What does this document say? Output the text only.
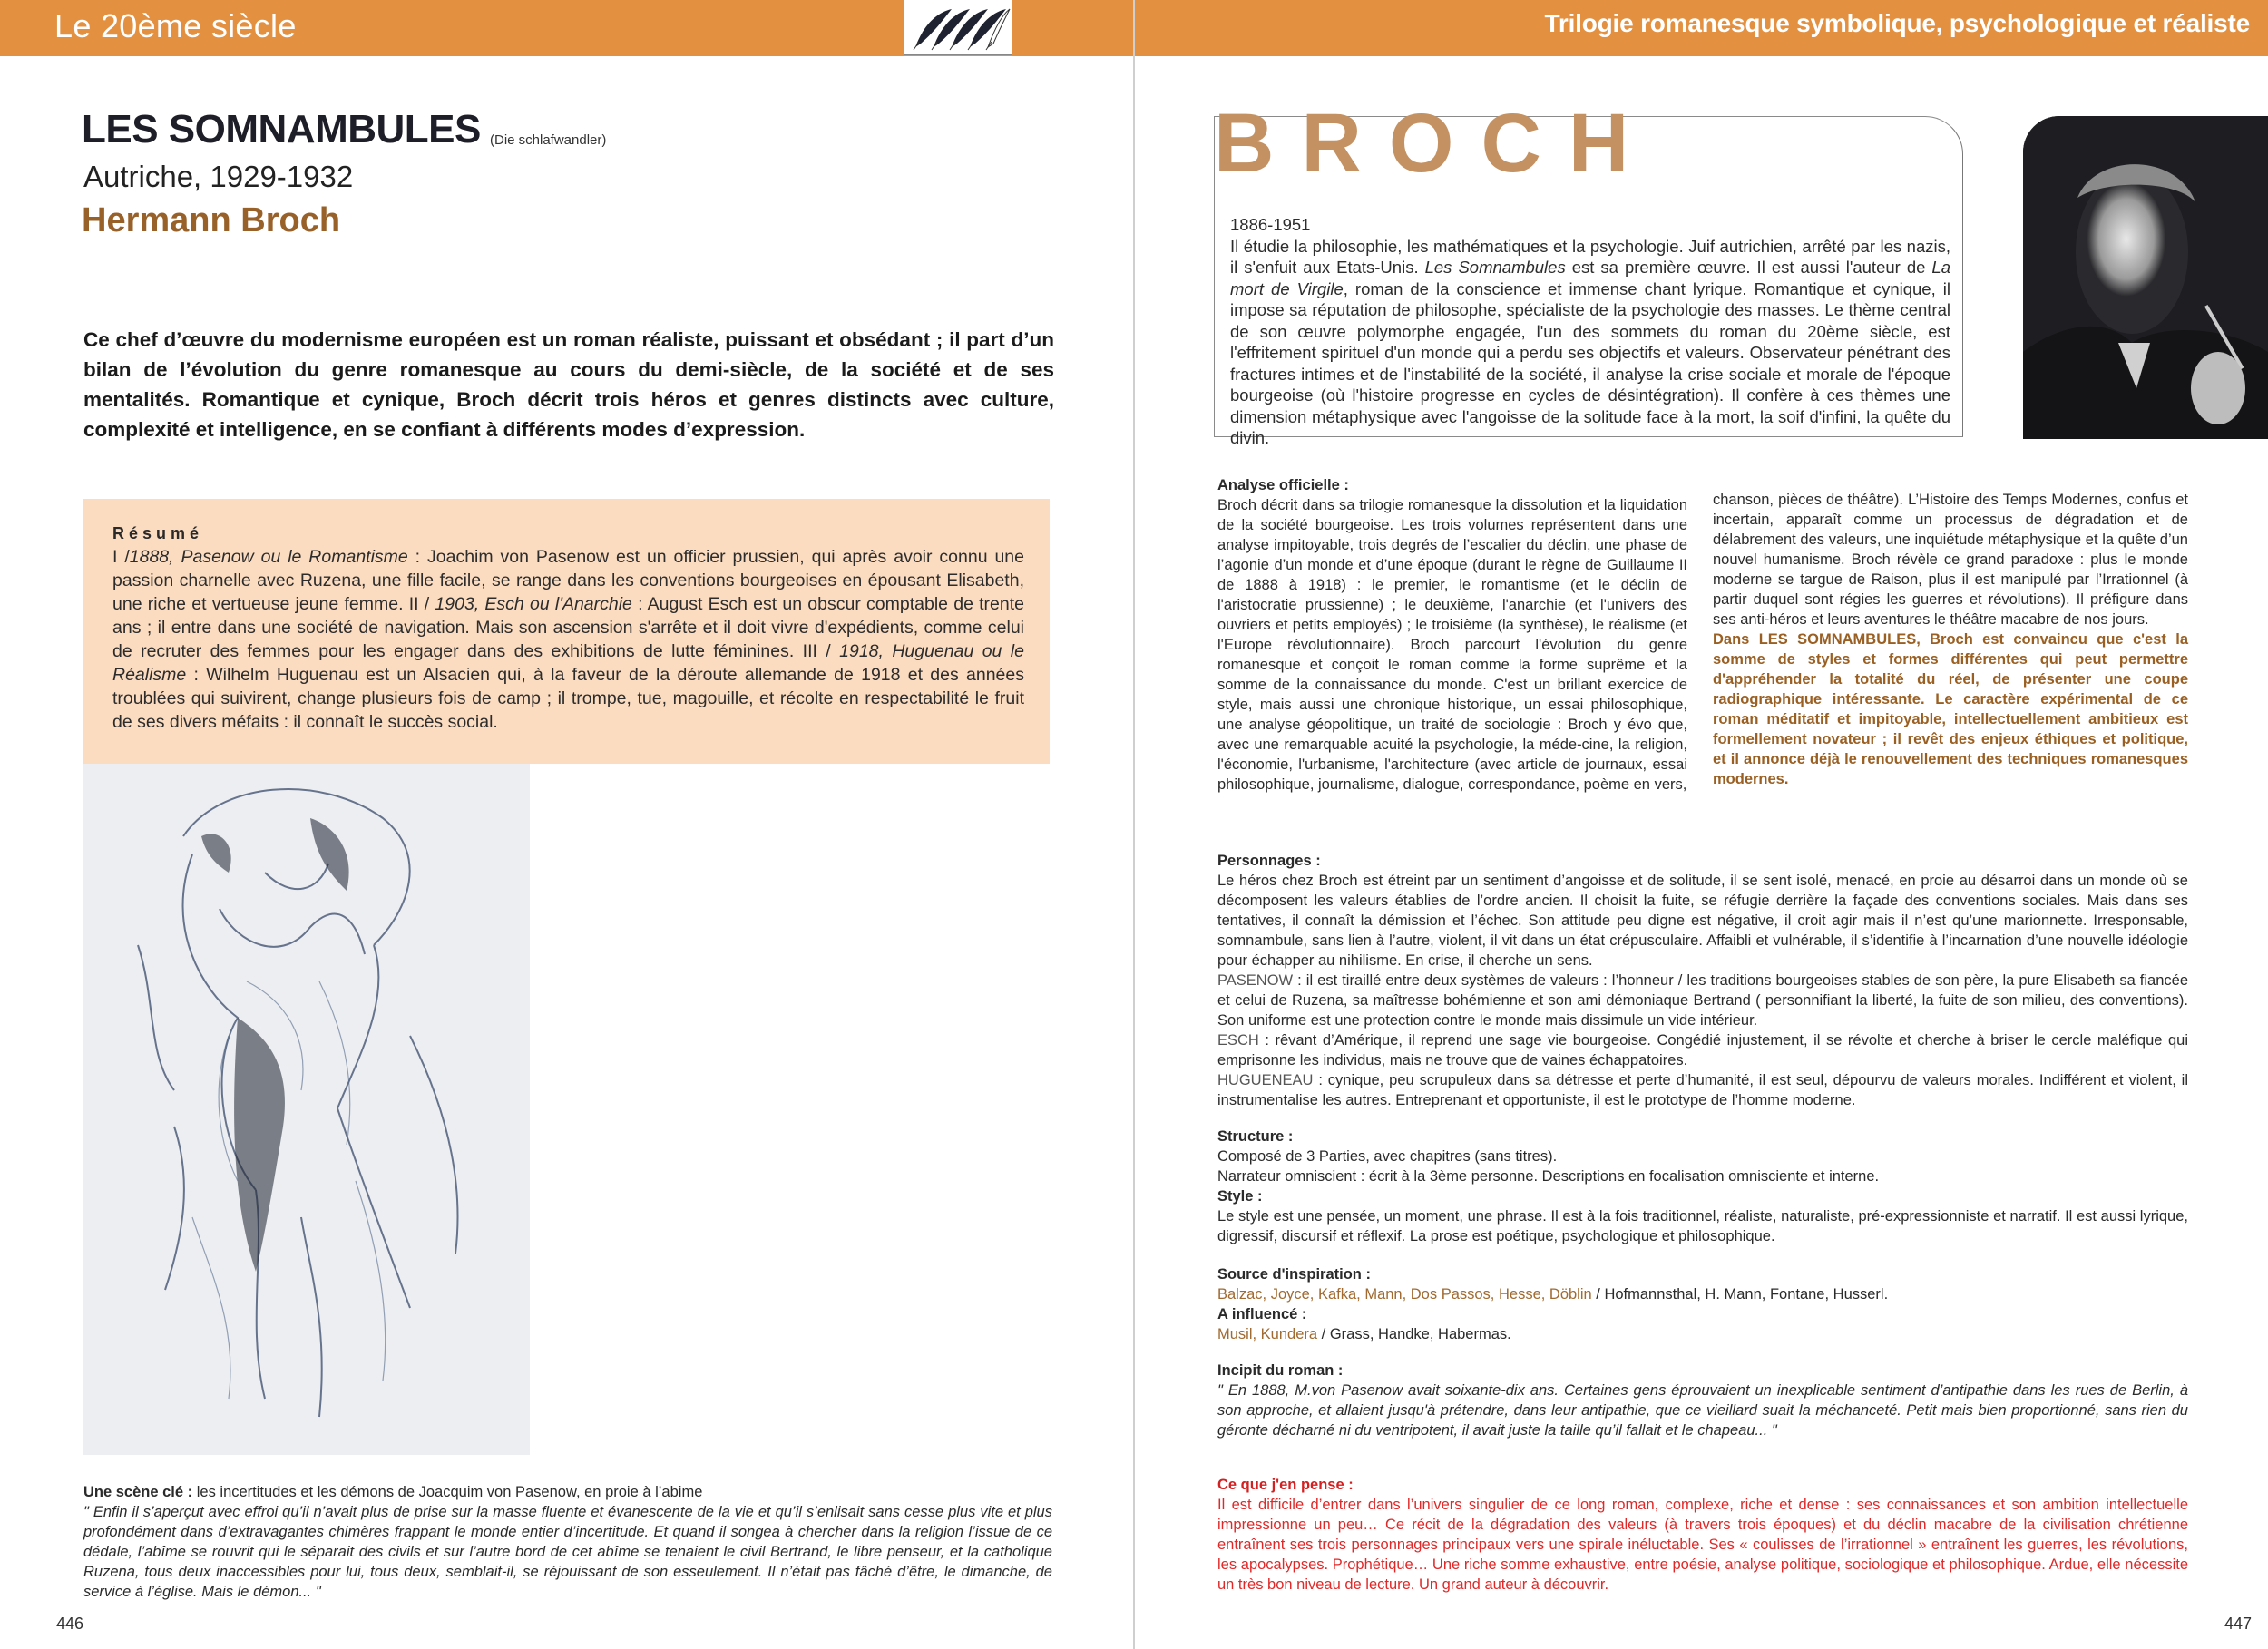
Le 20ème siècle	Trilogie romanesque symbolique, psychologique et réaliste
LES SOMNAMBULES (Die schlafwandler)
Autriche, 1929-1932
Hermann Broch
Ce chef d’œuvre du modernisme européen est un roman réaliste, puissant et obsédant ; il part d’un bilan de l’évolution du genre romanesque au cours du demi-siècle, de la société et de ses mentalités. Romantique et cynique, Broch décrit trois héros et genres distincts avec culture, complexité et intelligence, en se confiant à différents modes d’expression.
Résumé

I /1888, Pasenow ou le Romantisme : Joachim von Pasenow est un officier prussien, qui après avoir connu une passion charnelle avec Ruzena, une fille facile, se range dans les conventions bourgeoises en épousant Elisabeth, une riche et vertueuse jeune femme. II / 1903, Esch ou l'Anarchie : August Esch est un obscur comptable de trente ans ; il entre dans une société de navigation. Mais son ascension s'arrête et il doit vivre d'expédients, comme celui de recruter des femmes pour les engager dans des exhibitions de lutte féminines. III / 1918, Huguenau ou le Réalisme : Wilhelm Huguenau est un Alsacien qui, à la faveur de la déroute allemande de 1918 et des années troublées qui suivirent, change plusieurs fois de camp ; il trompe, tue, magouille, et récolte en respectabilité le fruit de ses divers méfaits : il connaît le succès social.

Une scène clé : les incertitudes et les démons de Joacquim von Pasenow, en proie à l’abime
" Enfin il s’aperçut avec effroi qu’il n’avait plus de prise sur la masse fluente et évanescente de la vie et qu’il s’enlisait sans cesse plus vite et plus profondément dans d’extravagantes chimères frappant le monde entier d’incertitude. Et quand il songea à chercher dans la religion l’issue de ce dédale, l’abîme se rouvrit qui le séparait des civils et sur l’autre bord de cet abîme se tenaient le civil Bertrand, le libre penseur, et la catholique Ruzena, tous deux inaccessibles pour lui, tous deux, semblait-il, se réjouissant de son esseulement. Il n’était pas fâché d’être, le dimanche, de service à l’église. Mais le démon... "
446
BROCH
1886-1951
Il étudie la philosophie, les mathématiques et la psychologie. Juif autrichien, arrêté par les nazis, il s'enfuit aux Etats-Unis. Les Somnambules est sa première œuvre. Il est aussi l'auteur de La mort de Virgile, roman de la conscience et immense chant lyrique. Romantique et cynique, il impose sa réputation de philosophe, spécialiste de la psychologie des masses. Le thème central de son œuvre polymorphe engagée, l'un des sommets du roman du 20ème siècle, est l'effritement spirituel d'un monde qui a perdu ses objectifs et valeurs. Observateur pénétrant des fractures intimes et de l'instabilité de la société, il analyse la crise sociale et morale de l'époque bourgeoise (où l'histoire progresse en cycles de désintégration). Il confère à ces thèmes une dimension métaphysique avec l'angoisse de la solitude face à la mort, la soif d'infini, la quête du divin.
Analyse officielle :
Broch décrit dans sa trilogie romanesque la dissolution et la liquidation de la société bourgeoise. Les trois volumes représentent dans une analyse impitoyable, trois degrés de l’escalier du déclin, une phase de l’agonie d’un monde et d’une époque (durant le règne de Guillaume II de 1888 à 1918) : le premier, le romantisme (et le déclin de l'aristocratie prussienne) ; le deuxième, l'anarchie (et l'univers des ouvriers et petits employés) ; le troisième (la synthèse), le réalisme (et l'Europe révolutionnaire). Broch parcourt l'évolution du genre romanesque et conçoit le roman comme la forme suprême et la somme de la connaissance du monde. C'est un brillant exercice de style, mais aussi une chronique historique, un essai philosophique, une analyse géopolitique, un traité de sociologie : Broch y évo que, avec une remarquable acuité la psychologie, la méde-cine, la religion, l'économie, l'urbanisme, l'architecture (avec article de journaux, essai philosophique, journalisme, dialogue, correspondance, poème en vers,
chanson, pièces de théâtre). L’Histoire des Temps Modernes, confus et incertain, apparaît comme un processus de dégradation et de délabrement des valeurs, une inquiétude métaphysique et la quête d’un nouvel humanisme. Broch révèle ce grand paradoxe : plus le monde moderne se targue de Raison, plus il est manipulé par l’Irrationnel (à partir duquel sont régies les guerres et révolutions). Il préfigure dans ses anti-héros et leurs aventures le théâtre macabre de nos jours.
Dans LES SOMNAMBULES, Broch est convaincu que c'est la somme de styles et formes différentes qui peut permettre d'appréhender la totalité du réel, de présenter une coupe radiographique intéressante. Le caractère expérimental de ce roman méditatif et impitoyable, intellectuellement ambitieux est formellement novateur ; il revêt des enjeux éthiques et politique, et il annonce déjà le renouvellement des techniques romanesques modernes.
Personnages :
Le héros chez Broch est étreint par un sentiment d’angoisse et de solitude, il se sent isolé, menacé, en proie au désarroi dans un monde où se décomposent les valeurs établies de l’ordre ancien. Il choisit la fuite, se réfugie derrière la façade des conventions sociales. Mais dans ses tentatives, il connaît la démission et l’échec. Son attitude peu digne est négative, il croit agir mais il n’est qu’une marionnette. Irresponsable, somnambule, sans lien à l’autre, violent, il vit dans un état crépusculaire. Affaibli et vulnérable, il s’identifie à l’incarnation d’une nouvelle idéologie pour échapper au nihilisme. En crise, il cherche un sens.
PASENOW : il est tiraillé entre deux systèmes de valeurs : l’honneur / les traditions bourgeoises stables de son père, la pure Elisabeth sa fiancée et celui de Ruzena, sa maîtresse bohémienne et son ami démoniaque Bertrand ( personnifiant la liberté, la fuite de son milieu, des conventions). Son uniforme est une protection contre le monde mais dissimule un vide intérieur.
ESCH : rêvant d’Amérique, il reprend une sage vie bourgeoise. Congédié injustement, il se révolte et cherche à briser le cercle maléfique qui emprisonne les individus, mais ne trouve que de vaines échappatoires.
HUGUENEAU : cynique, peu scrupuleux dans sa détresse et perte d’humanité, il est seul, dépourvu de valeurs morales. Indifférent et violent, il instrumentalise les autres. Entreprenant et opportuniste, il est le prototype de l’homme moderne.
Structure :
Composé de 3 Parties, avec chapitres (sans titres).
Narrateur omniscient : écrit à la 3ème personne. Descriptions en focalisation omnisciente et interne.
Style :
Le style est une pensée, un moment, une phrase. Il est à la fois traditionnel, réaliste, naturaliste, pré-expressionniste et narratif. Il est aussi lyrique, digressif, discursif et réflexif. La prose est poétique, psychologique et philosophique.
Source d'inspiration :
Balzac, Joyce, Kafka, Mann, Dos Passos, Hesse, Döblin / Hofmannsthal, H. Mann, Fontane, Husserl.
A influencé :
Musil, Kundera / Grass, Handke, Habermas.
Incipit du roman :
" En 1888, M.von Pasenow avait soixante-dix ans. Certaines gens éprouvaient un inexplicable sentiment d’antipathie dans les rues de Berlin, à son approche, et allaient jusqu'à prétendre, dans leur antipathie, que ce vieillard suait la méchanceté. Petit mais bien proportionné, sans rien du géronte décharné ni du ventripotent, il avait juste la taille qu’il fallait et le chapeau... "
Ce que j'en pense :
Il est difficile d’entrer dans l’univers singulier de ce long roman, complexe, riche et dense : ses connaissances et son ambition intellectuelle impressionne un peu… Ce récit de la dégradation des valeurs (à travers trois époques) et du déclin macabre de la civilisation chrétienne entraînent ses trois personnages principaux vers une spirale inéluctable. Ses « coulisses de l’irrationnel » entraînent les guerres, les révolutions, les apocalypses. Prophétique… Une riche somme exhaustive, entre poésie, analyse politique, sociologique et philosophique. Ardue, elle nécessite un très bon niveau de lecture. Un grand auteur à découvrir.
447
